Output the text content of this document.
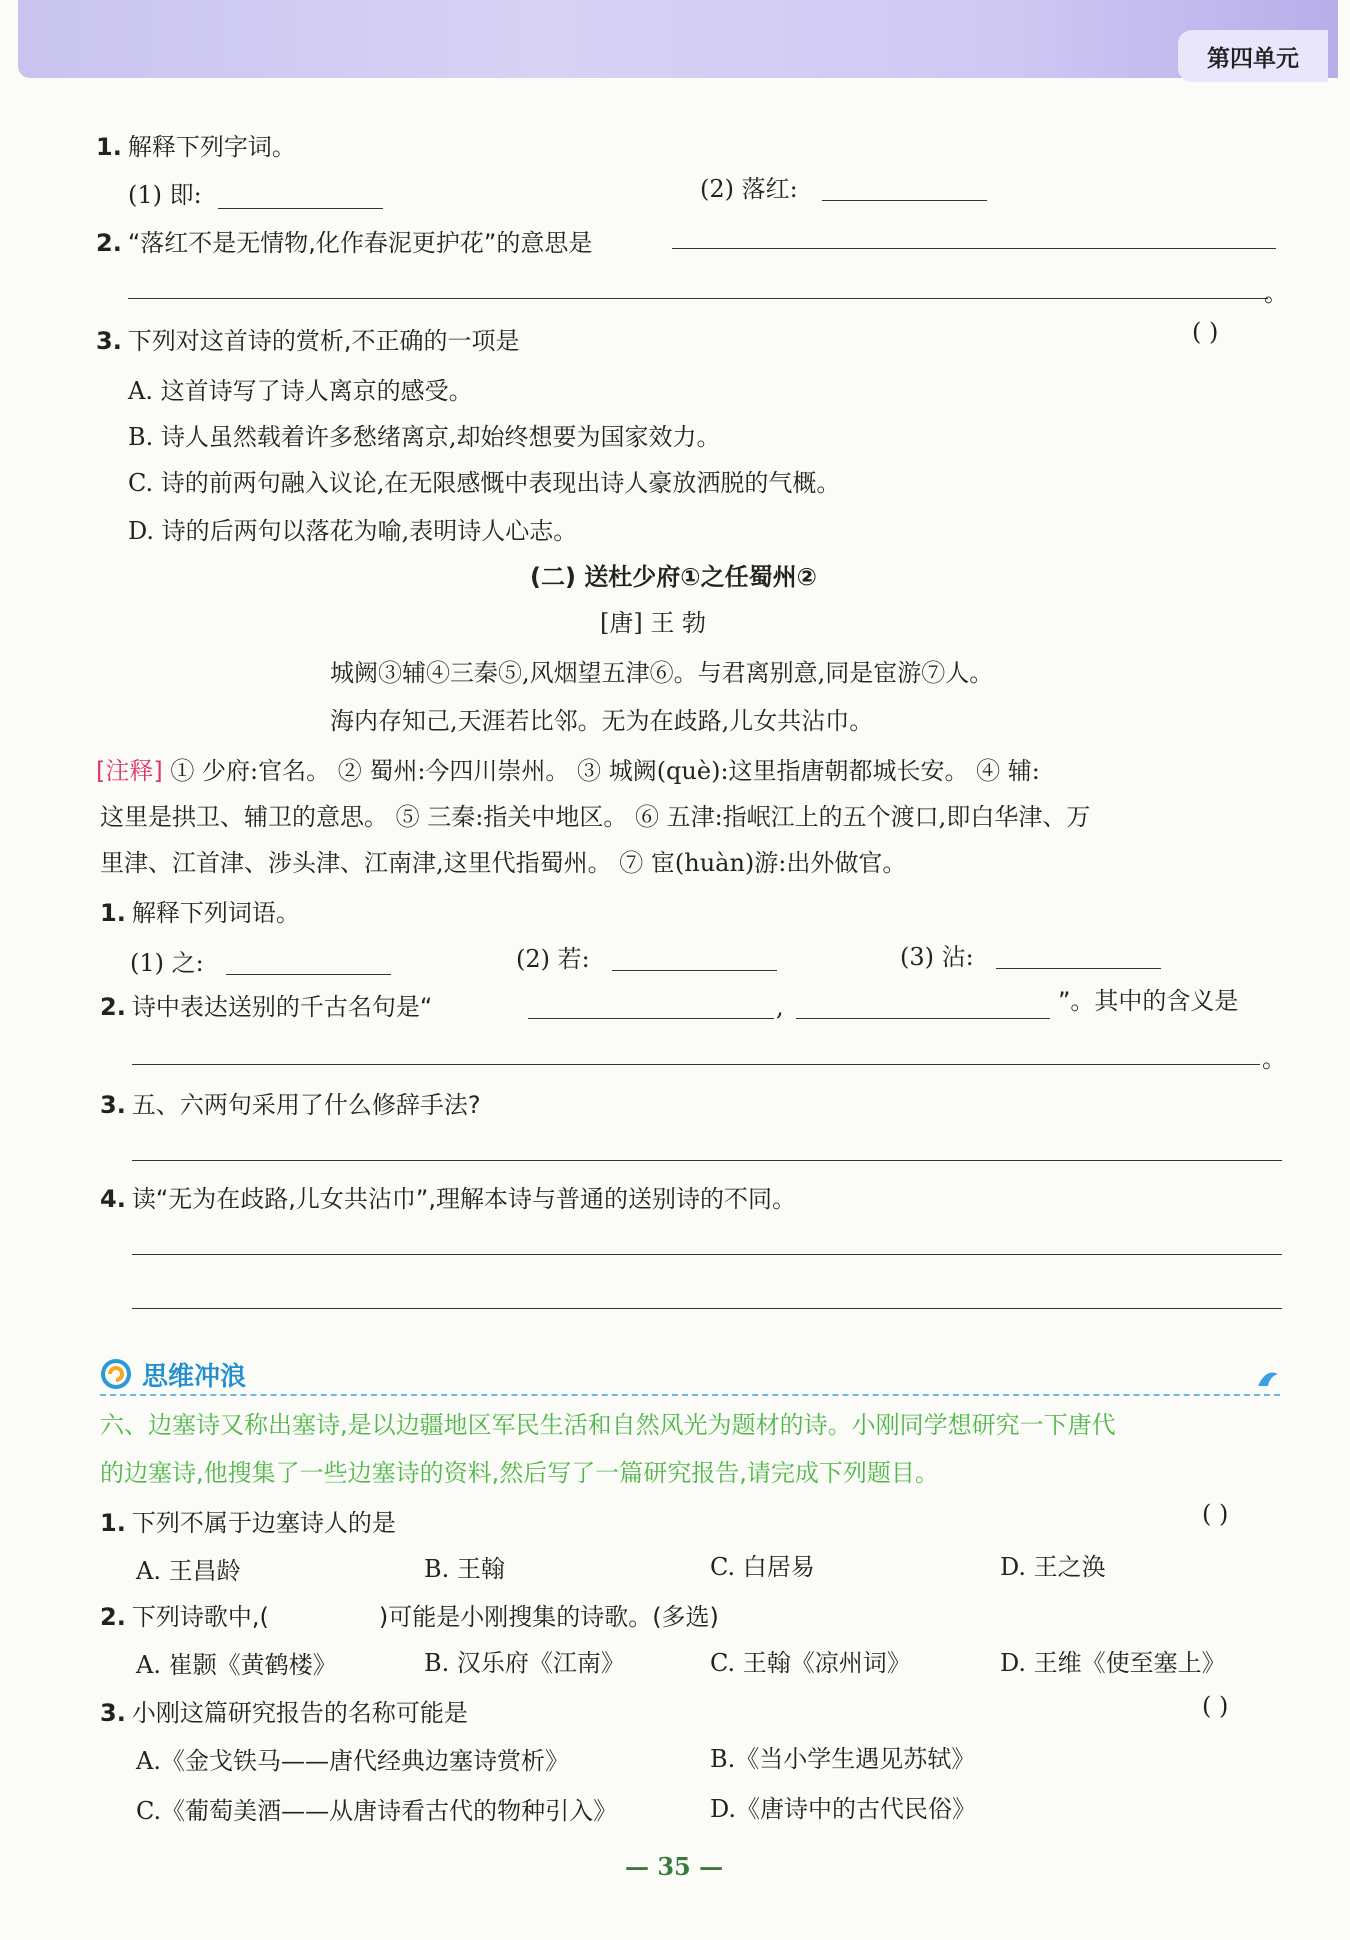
第四单元
1. 解释下列字词。
(1) 即:	(2) 落红:
2. “落红不是无情物,化作春泥更护花”的意思是
。
3. 下列对这首诗的赏析,不正确的一项是	( )
A. 这首诗写了诗人离京的感受。
B. 诗人虽然载着许多愁绪离京,却始终想要为国家效力。
C. 诗的前两句融入议论,在无限感慨中表现出诗人豪放洒脱的气概。
D. 诗的后两句以落花为喻,表明诗人心志。
(二) 送杜少府①之任蜀州②
[唐] 王 勃
城阙③辅④三秦⑤,风烟望五津⑥。与君离别意,同是宦游⑦人。
海内存知己,天涯若比邻。无为在歧路,儿女共沾巾。
[注释] ① 少府:官名。 ② 蜀州:今四川崇州。 ③ 城阙(què):这里指唐朝都城长安。 ④ 辅:
这里是拱卫、辅卫的意思。 ⑤ 三秦:指关中地区。 ⑥ 五津:指岷江上的五个渡口,即白华津、万
里津、江首津、涉头津、江南津,这里代指蜀州。 ⑦ 宦(huàn)游:出外做官。
1. 解释下列词语。
(1) 之:	(2) 若:	(3) 沾:
2. 诗中表达送别的千古名句是“	,	”。其中的含义是
。
3. 五、六两句采用了什么修辞手法?
4. 读“无为在歧路,儿女共沾巾”,理解本诗与普通的送别诗的不同。
思维冲浪
六、边塞诗又称出塞诗,是以边疆地区军民生活和自然风光为题材的诗。小刚同学想研究一下唐代
的边塞诗,他搜集了一些边塞诗的资料,然后写了一篇研究报告,请完成下列题目。
1. 下列不属于边塞诗人的是	( )
A. 王昌龄	B. 王翰	C. 白居易	D. 王之涣
2. 下列诗歌中,(	)可能是小刚搜集的诗歌。(多选)
A. 崔颢《黄鹤楼》	B. 汉乐府《江南》	C. 王翰《凉州词》	D. 王维《使至塞上》
3. 小刚这篇研究报告的名称可能是	( )
A.《金戈铁马——唐代经典边塞诗赏析》	B.《当小学生遇见苏轼》
C.《葡萄美酒——从唐诗看古代的物种引入》	D.《唐诗中的古代民俗》
— 35 —
